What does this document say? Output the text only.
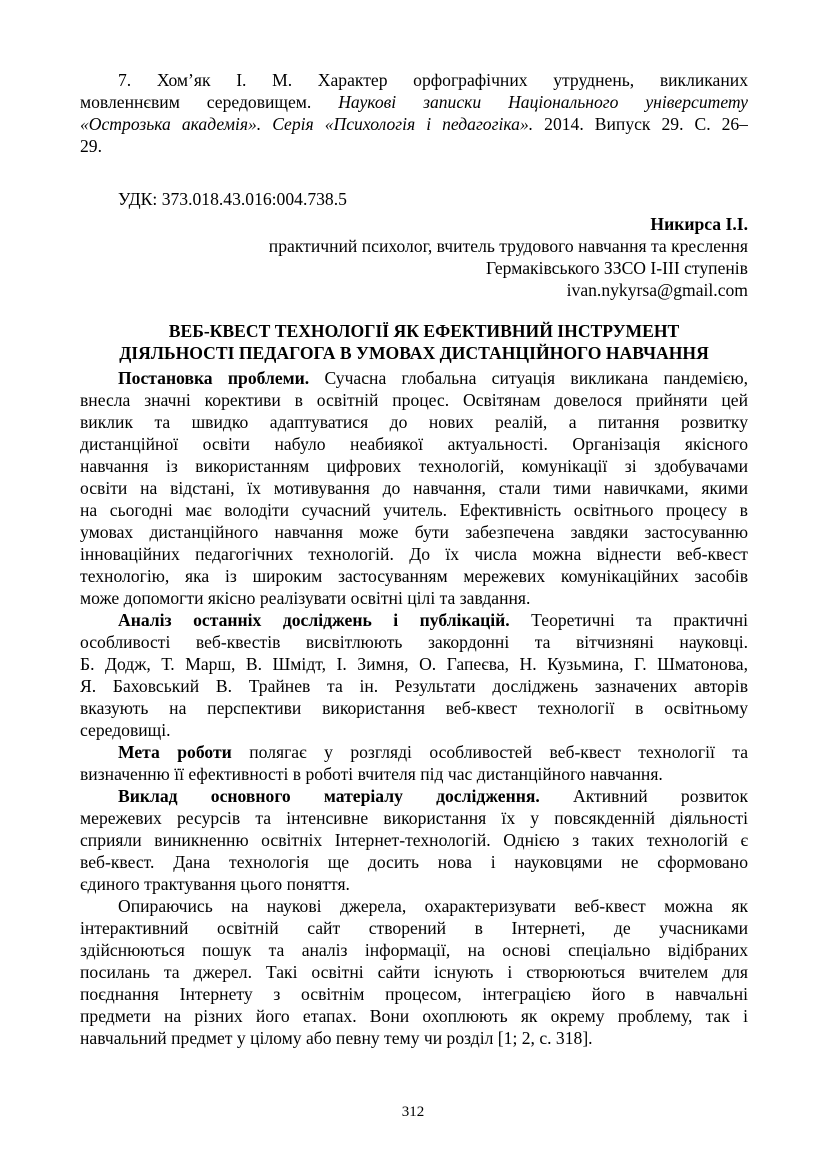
7. Хом’як І. М. Характер орфографічних утруднень, викликаних
мовленнєвим середовищем. Наукові записки Національного університету
«Острозька академія». Серія «Психологія і педагогіка». 2014. Випуск 29. С. 26–
29.
УДК: 373.018.43.016:004.738.5
Никирса І.І.
практичний психолог, вчитель трудового навчання та креслення
Гермаківського ЗЗСО І-ІІІ ступенів
ivan.nykyrsa@gmail.com
ВЕБ-КВЕСТ ТЕХНОЛОГІЇ ЯК ЕФЕКТИВНИЙ ІНСТРУМЕНТ
ДІЯЛЬНОСТІ ПЕДАГОГА В УМОВАХ ДИСТАНЦІЙНОГО НАВЧАННЯ
Постановка проблеми. Сучасна глобальна ситуація викликана пандемією,
внесла значні корективи в освітній процес. Освітянам довелося прийняти цей
виклик та швидко адаптуватися до нових реалій, а питання розвитку
дистанційної освіти набуло неабиякої актуальності. Організація якісного
навчання із використанням цифрових технологій, комунікації зі здобувачами
освіти на відстані, їх мотивування до навчання, стали тими навичками, якими
на сьогодні має володіти сучасний учитель. Ефективність освітнього процесу в
умовах дистанційного навчання може бути забезпечена завдяки застосуванню
інноваційних педагогічних технологій. До їх числа можна віднести веб-квест
технологію, яка із широким застосуванням мережевих комунікаційних засобів
може допомогти якісно реалізувати освітні цілі та завдання.
Аналіз останніх досліджень і публікацій. Теоретичні та практичні
особливості веб-квестів висвітлюють закордонні та вітчизняні науковці.
Б. Додж, Т. Марш, В. Шмідт, І. Зимня, О. Гапеєва, Н. Кузьмина, Г. Шматонова,
Я. Баховський В. Трайнев та ін. Результати досліджень зазначених авторів
вказують на перспективи використання веб-квест технології в освітньому
середовищі.
Мета роботи полягає у розгляді особливостей веб-квест технології та
визначенню її ефективності в роботі вчителя під час дистанційного навчання.
Виклад основного матеріалу дослідження. Активний розвиток
мережевих ресурсів та інтенсивне використання їх у повсякденній діяльності
сприяли виникненню освітніх Інтернет-технологій. Однією з таких технологій є
веб-квест. Дана технологія ще досить нова і науковцями не сформовано
єдиного трактування цього поняття.
Опираючись на наукові джерела, охарактеризувати веб-квест можна як
інтерактивний освітній сайт створений в Інтернеті, де учасниками
здійснюються пошук та аналіз інформації, на основі спеціально відібраних
посилань та джерел. Такі освітні сайти існують і створюються вчителем для
поєднання Інтернету з освітнім процесом, інтеграцією його в навчальні
предмети на різних його етапах. Вони охоплюють як окрему проблему, так і
навчальний предмет у цілому або певну тему чи розділ [1; 2, с. 318].
312
